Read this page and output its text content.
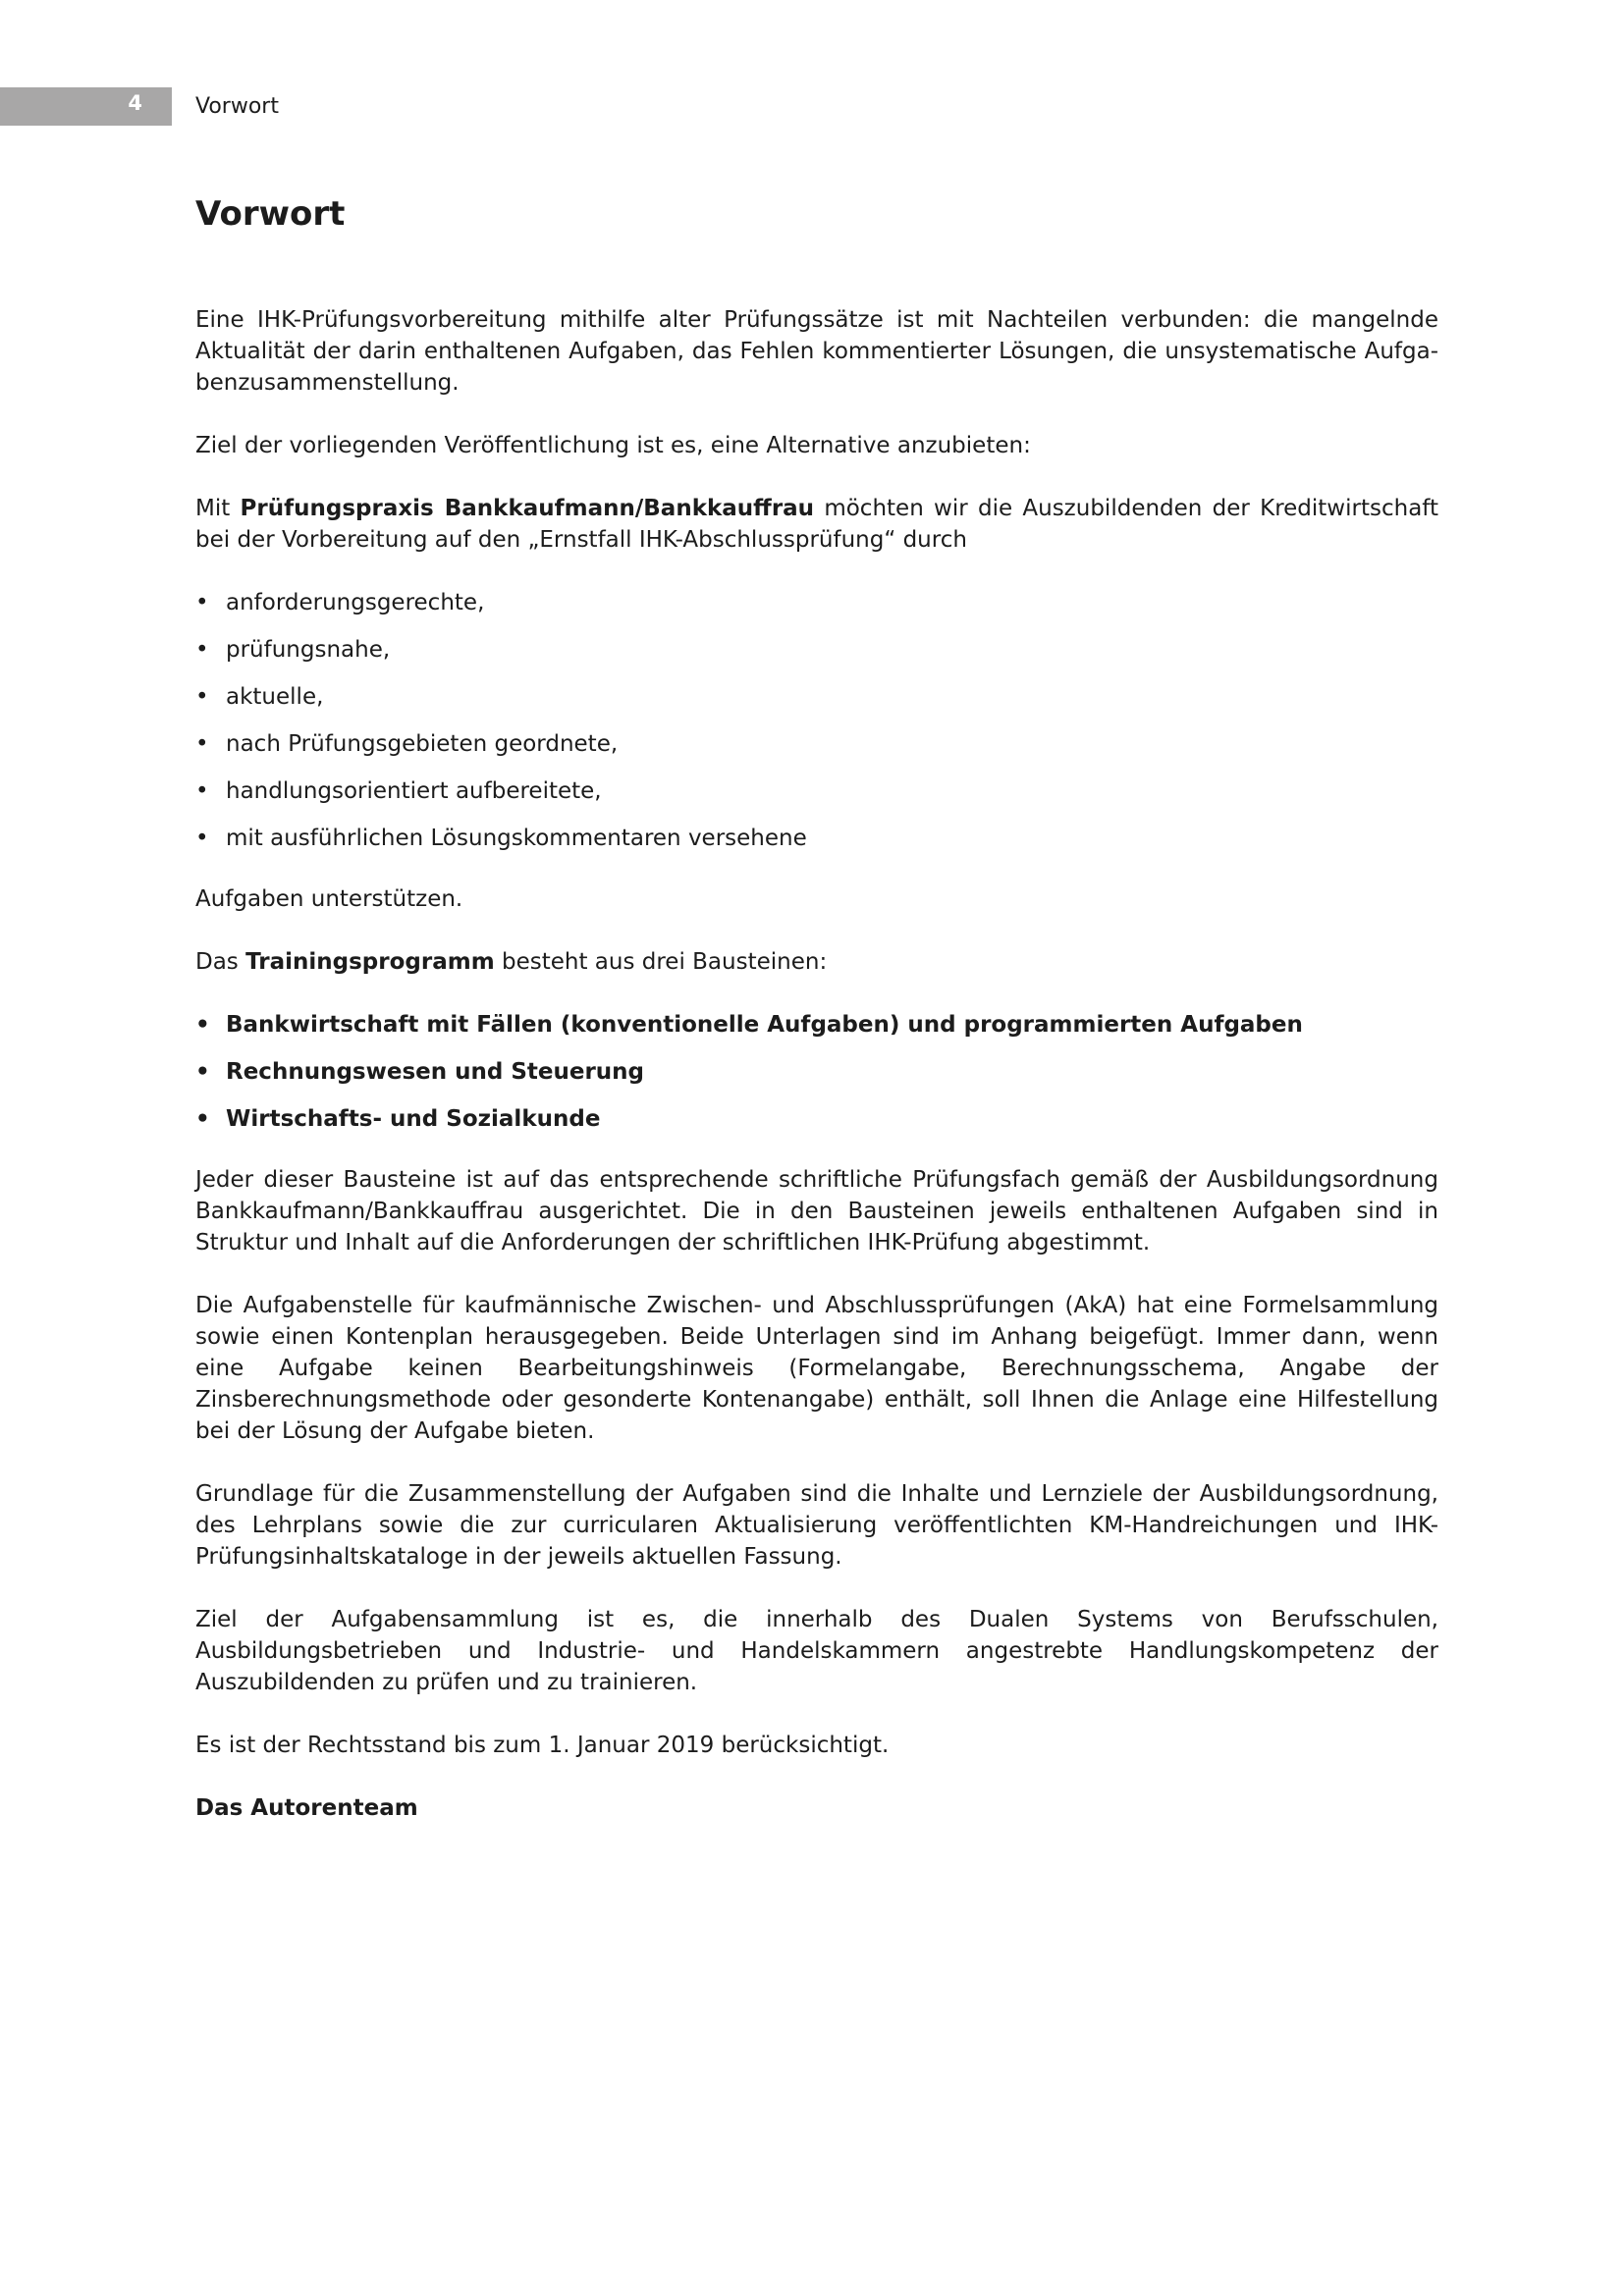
4 Vorwort
Vorwort

Eine IHK-Prüfungsvorbereitung mithilfe alter Prüfungssätze ist mit Nachteilen verbunden: die mangelnde Aktualität der darin enthaltenen Aufgaben, das Fehlen kommentierter Lösungen, die unsystematische Aufgabenzusammenstellung.

Ziel der vorliegenden Veröffentlichung ist es, eine Alternative anzubieten:

Mit Prüfungspraxis Bankkaufmann/Bankkauffrau möchten wir die Auszubildenden der Kreditwirtschaft bei der Vorbereitung auf den „Ernstfall IHK-Abschlussprüfung“ durch

• anforderungsgerechte,
• prüfungsnahe,
• aktuelle,
• nach Prüfungsgebieten geordnete,
• handlungsorientiert aufbereitete,
• mit ausführlichen Lösungskommentaren versehene

Aufgaben unterstützen.

Das Trainingsprogramm besteht aus drei Bausteinen:

• Bankwirtschaft mit Fällen (konventionelle Aufgaben) und programmierten Aufgaben
• Rechnungswesen und Steuerung
• Wirtschafts- und Sozialkunde

Jeder dieser Bausteine ist auf das entsprechende schriftliche Prüfungsfach gemäß der Ausbildungsordnung Bankkaufmann/Bankkauffrau ausgerichtet. Die in den Bausteinen jeweils enthaltenen Aufgaben sind in Struktur und Inhalt auf die Anforderungen der schriftlichen IHK-Prüfung abgestimmt.

Die Aufgabenstelle für kaufmännische Zwischen- und Abschlussprüfungen (AkA) hat eine Formelsammlung sowie einen Kontenplan herausgegeben. Beide Unterlagen sind im Anhang beigefügt. Immer dann, wenn eine Aufgabe keinen Bearbeitungshinweis (Formelangabe, Berechnungsschema, Angabe der Zinsberechnungsmethode oder gesonderte Kontenangabe) enthält, soll Ihnen die Anlage eine Hilfestellung bei der Lösung der Aufgabe bieten.

Grundlage für die Zusammenstellung der Aufgaben sind die Inhalte und Lernziele der Ausbildungsordnung, des Lehrplans sowie die zur curricularen Aktualisierung veröffentlichten KM-Handreichungen und IHK-Prüfungsinhaltskataloge in der jeweils aktuellen Fassung.

Ziel der Aufgabensammlung ist es, die innerhalb des Dualen Systems von Berufsschulen, Ausbildungsbetrieben und Industrie- und Handelskammern angestrebte Handlungskompetenz der Auszubildenden zu prüfen und zu trainieren.

Es ist der Rechtsstand bis zum 1. Januar 2019 berücksichtigt.

Das Autorenteam
